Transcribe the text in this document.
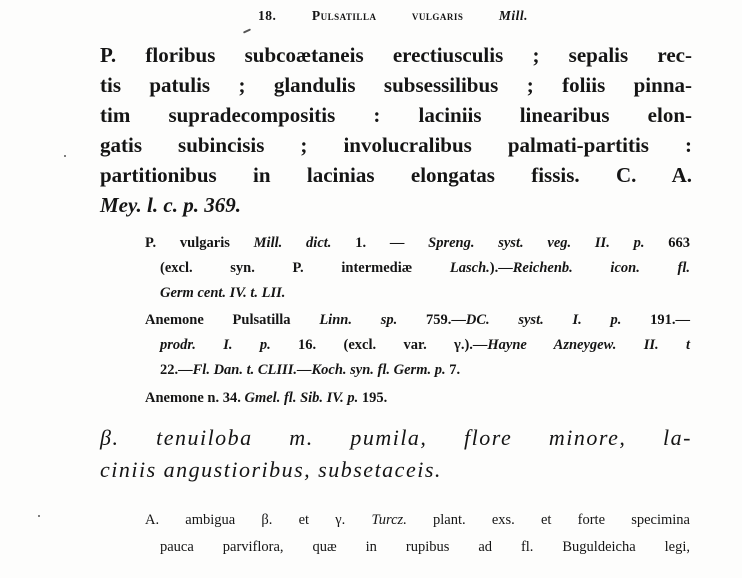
18.	Pulsatilla vulgaris	Mill.
P. floribus subcoætaneis erectiusculis ; sepalis rec-
tis patulis ; glandulis subsessilibus ; foliis pinna-
tim supradecompositis : laciniis linearibus elon-
gatis subincisis ; involucralibus palmati-partitis :
partitionibus in lacinias elongatas fissis. C. A.
Mey. l. c. p. 369.
P. vulgaris Mill. dict. 1. — Spreng. syst. veg. II. p. 663
(excl. syn. P. intermediæ Lasch.).—Reichenb. icon. fl.
Germ cent. IV. t. LII.
Anemone Pulsatilla Linn. sp. 759.—DC. syst. I. p. 191.—
prodr. I. p. 16. (excl. var. γ.).—Hayne Azneygew. II. t
22.—Fl. Dan. t. CLIII.—Koch. syn. fl. Germ. p. 7.
Anemone n. 34. Gmel. fl. Sib. IV. p. 195.
β. tenuiloba m. pumila, flore minore, la-
ciniis angustioribus, subsetaceis.
A. ambigua β. et γ. Turcz. plant. exs. et forte specimina
pauca parviflora, quæ in rupibus ad fl. Buguldeicha legi,
